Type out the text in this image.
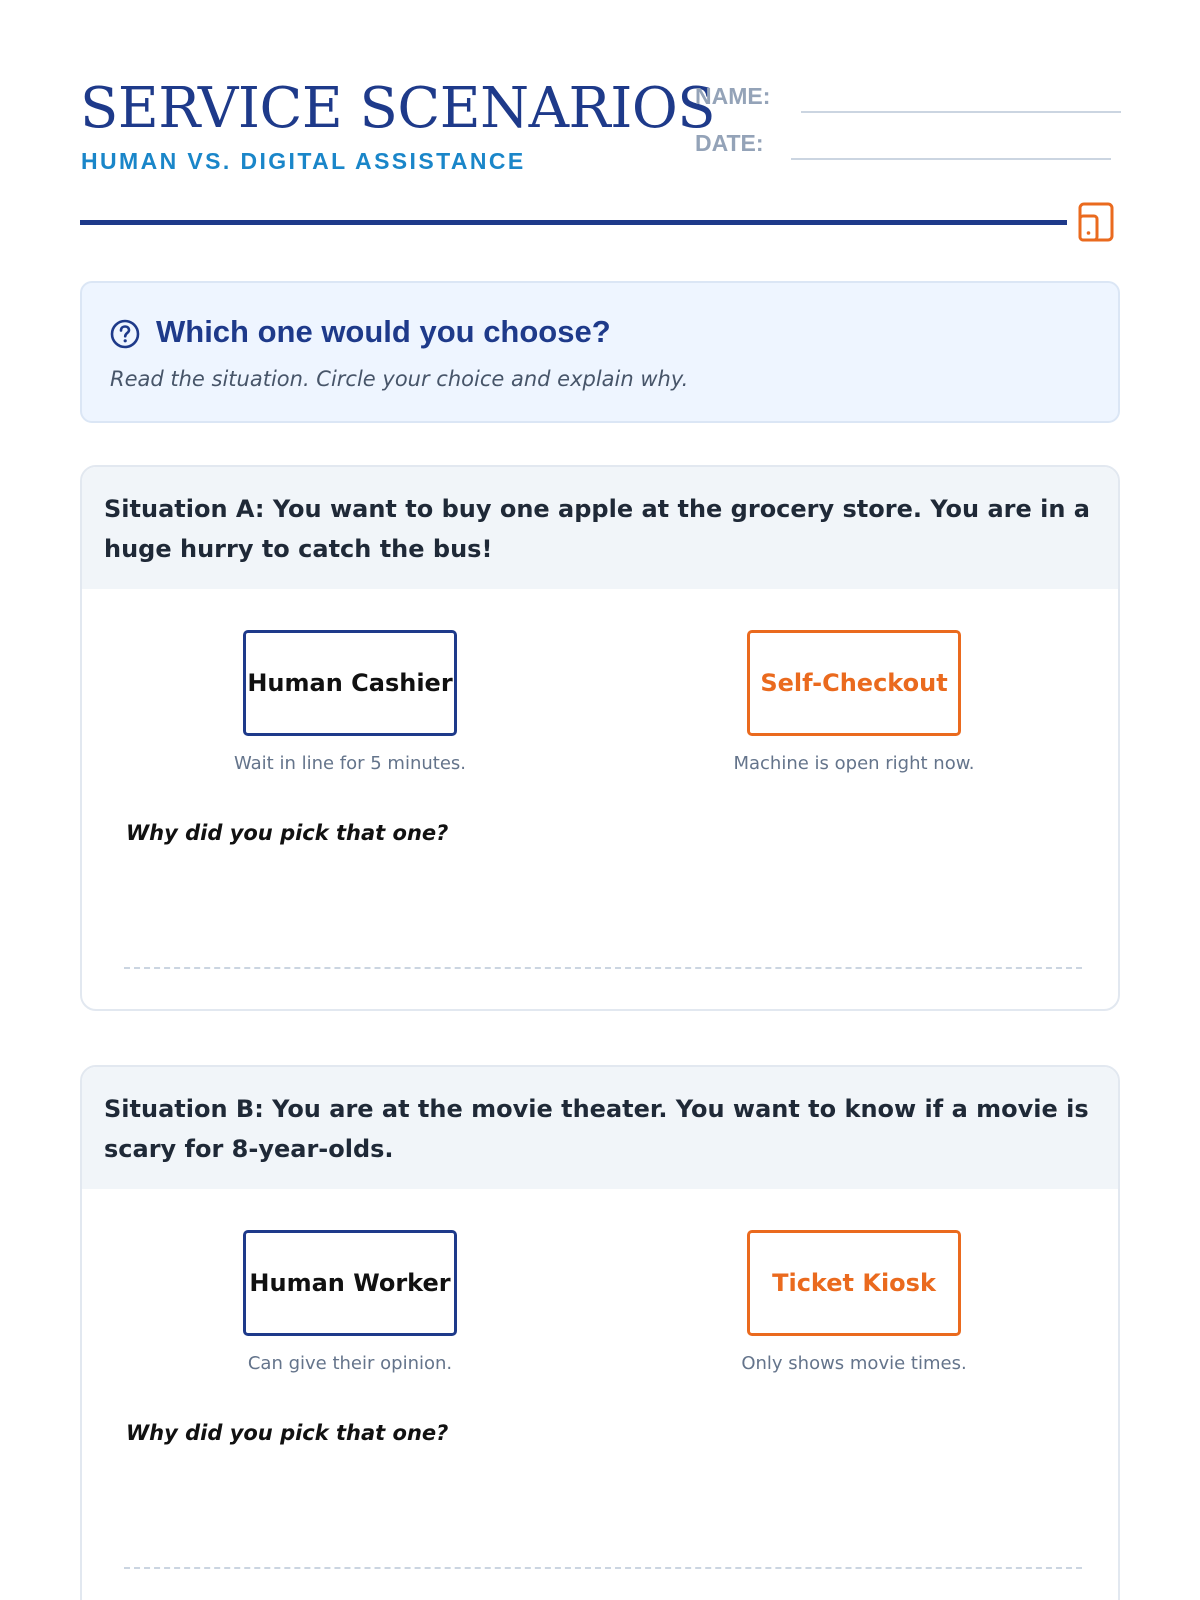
SERVICE SCENARIOS
HUMAN VS. DIGITAL ASSISTANCE
NAME:
DATE:
Which one would you choose?
Read the situation. Circle your choice and explain why.
Situation A: You want to buy one apple at the grocery store. You are in a huge hurry to catch the bus!
Human Cashier
Wait in line for 5 minutes.
Self-Checkout
Machine is open right now.
Why did you pick that one?
Situation B: You are at the movie theater. You want to know if a movie is scary for 8-year-olds.
Human Worker
Can give their opinion.
Ticket Kiosk
Only shows movie times.
Why did you pick that one?
